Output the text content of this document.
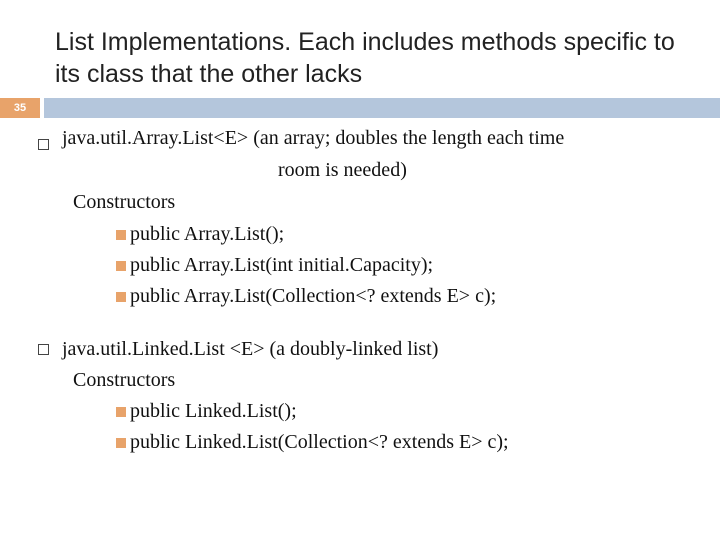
List Implementations. Each includes methods specific to its class that the other lacks
35
java.util.Array.List<E> (an array; doubles the length each time
room is needed)
Constructors
public Array.List();
public Array.List(int initial.Capacity);
public Array.List(Collection<? extends E> c);
java.util.Linked.List <E> (a doubly-linked list)
Constructors
public Linked.List();
public Linked.List(Collection<? extends E> c);
